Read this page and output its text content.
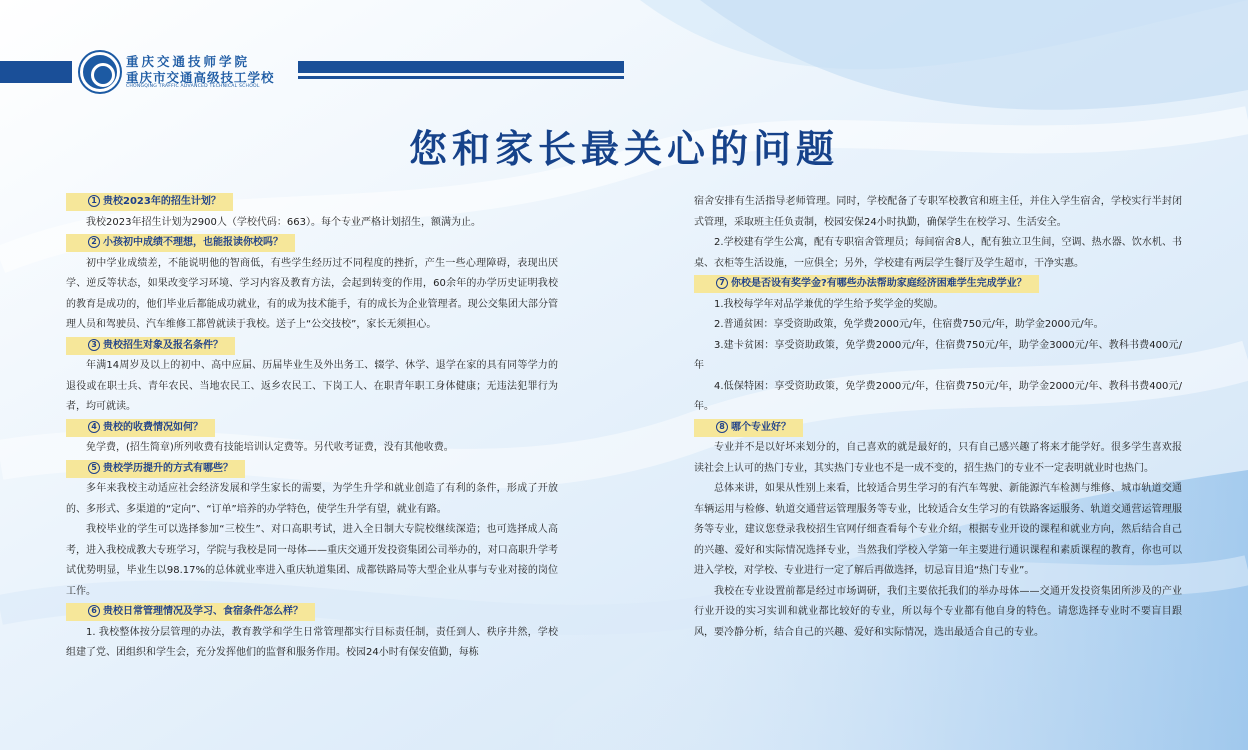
重庆交通技师学院
重庆市交通高级技工学校
CHONGQING TRAFFIC ADVANCED TECHNICAL SCHOOL
您和家长最关心的问题
1 贵校2023年的招生计划？

我校2023年招生计划为2900人（学校代码：663）。每个专业严格计划招生，额满为止。

2 小孩初中成绩不理想，也能报读你校吗？

初中学业成绩差，不能说明他的智商低，有些学生经历过不同程度的挫折，产生一些心理障碍，表现出厌学、逆反等状态，如果改变学习环境、学习内容及教育方法，会起到转变的作用，60余年的办学历史证明我校的教育是成功的，他们毕业后都能成功就业，有的成为技术能手，有的成长为企业管理者。现公交集团大部分管理人员和驾驶员、汽车维修工都曾就读于我校。送子上“公交技校”，家长无须担心。

3 贵校招生对象及报名条件？

年满14周岁及以上的初中、高中应届、历届毕业生及外出务工、辍学、休学、退学在家的具有同等学力的退役或在职士兵、青年农民、当地农民工、返乡农民工、下岗工人、在职青年职工身体健康；无违法犯罪行为者，均可就读。

4 贵校的收费情况如何？

免学费，(招生简章)所列收费有技能培训认定费等。另代收考证费，没有其他收费。

5 贵校学历提升的方式有哪些？

多年来我校主动适应社会经济发展和学生家长的需要，为学生升学和就业创造了有利的条件，形成了开放的、多形式、多渠道的“定向”、“订单”培养的办学特色，使学生升学有望，就业有路。

我校毕业的学生可以选择参加“三校生”、对口高职考试，进入全日制大专院校继续深造；也可选择成人高考，进入我校成教大专班学习，学院与我校是同一母体——重庆交通开发投资集团公司举办的，对口高职升学考试优势明显，毕业生以98.17%的总体就业率进入重庆轨道集团、成都铁路局等大型企业从事与专业对接的岗位工作。

6 贵校日常管理情况及学习、食宿条件怎么样？

1. 我校整体按分层管理的办法，教育教学和学生日常管理都实行目标责任制，责任到人、秩序井然，学校组建了党、团组织和学生会，充分发挥他们的监督和服务作用。校园24小时有保安值勤，每栋

宿舍安排有生活指导老师管理。同时，学校配备了专职军校教官和班主任，并住入学生宿舍，学校实行半封闭式管理，采取班主任负责制，校园安保24小时执勤，确保学生在校学习、生活安全。

2.学校建有学生公寓，配有专职宿舍管理员；每间宿舍8人，配有独立卫生间，空调、热水器、饮水机、书桌、衣柜等生活设施，一应俱全；另外，学校建有两层学生餐厅及学生超市，干净实惠。

7 你校是否设有奖学金?有哪些办法帮助家庭经济困难学生完成学业？

1.我校每学年对品学兼优的学生给予奖学金的奖励。

2.普通贫困：享受资助政策，免学费2000元/年，住宿费750元/年，助学金2000元/年。

3.建卡贫困：享受资助政策，免学费2000元/年，住宿费750元/年，助学金3000元/年、教科书费400元/年

4.低保特困：享受资助政策，免学费2000元/年，住宿费750元/年，助学金2000元/年、教科书费400元/年。

8 哪个专业好？

专业并不是以好坏来划分的，自己喜欢的就是最好的，只有自己感兴趣了将来才能学好。很多学生喜欢报读社会上认可的热门专业，其实热门专业也不是一成不变的，招生热门的专业不一定表明就业时也热门。

总体来讲，如果从性别上来看，比较适合男生学习的有汽车驾驶、新能源汽车检测与维修、城市轨道交通车辆运用与检修、轨道交通营运管理服务等专业，比较适合女生学习的有铁路客运服务、轨道交通营运管理服务等专业，建议您登录我校招生官网仔细查看每个专业介绍，根据专业开设的课程和就业方向，然后结合自己的兴趣、爱好和实际情况选择专业，当然我们学校入学第一年主要进行通识课程和素质课程的教育，你也可以进入学校，对学校、专业进行一定了解后再做选择，切忌盲目追“热门专业”。

我校在专业设置前都是经过市场调研，我们主要依托我们的举办母体——交通开发投资集团所涉及的产业行业开设的实习实训和就业都比较好的专业，所以每个专业都有他自身的特色。请您选择专业时不要盲目跟风，要冷静分析，结合自己的兴趣、爱好和实际情况，选出最适合自己的专业。
